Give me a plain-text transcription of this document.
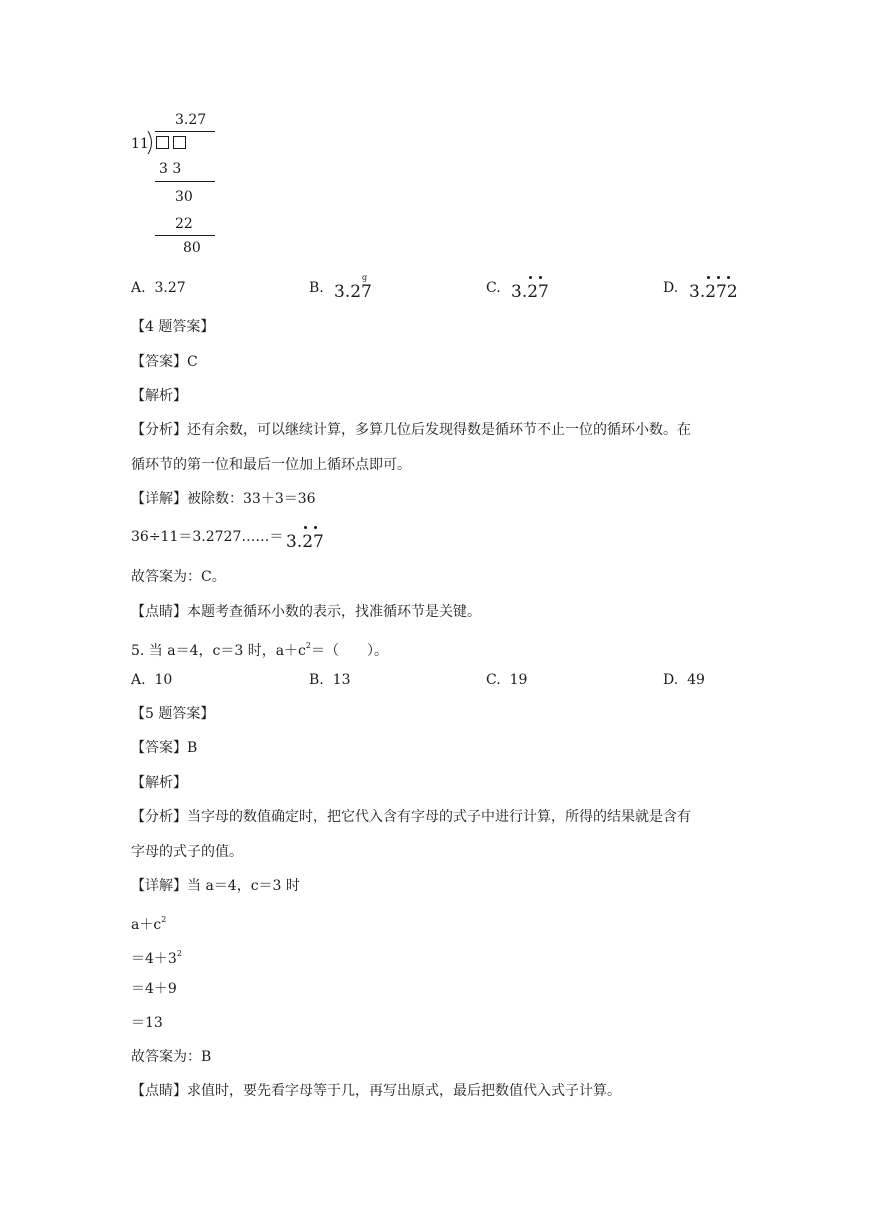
3.27
11
3 3
30
22
80
A. 3.27	B. 3.27
g
C. 3.27	D. 3.272
【4 题答案】
【答案】C
【解析】
【分析】还有余数，可以继续计算，多算几位后发现得数是循环节不止一位的循环小数。在
循环节的第一位和最后一位加上循环点即可。
【详解】被除数：33＋3＝36
36÷11＝3.2727……＝ 3.27
故答案为：C。
【点睛】本题考查循环小数的表示，找准循环节是关键。
5. 当 a＝4，c＝3 时，$a+c^2=$（　　）。
A. 10	B. 13	C. 19	D. 49
【5 题答案】
【答案】B
【解析】
【分析】当字母的数值确定时，把它代入含有字母的式子中进行计算，所得的结果就是含有
字母的式子的值。
【详解】当 a＝4，c＝3 时
$a+c^2$
$=4+3^2$
＝4＋9
＝13
故答案为：B
【点睛】求值时，要先看字母等于几，再写出原式，最后把数值代入式子计算。
